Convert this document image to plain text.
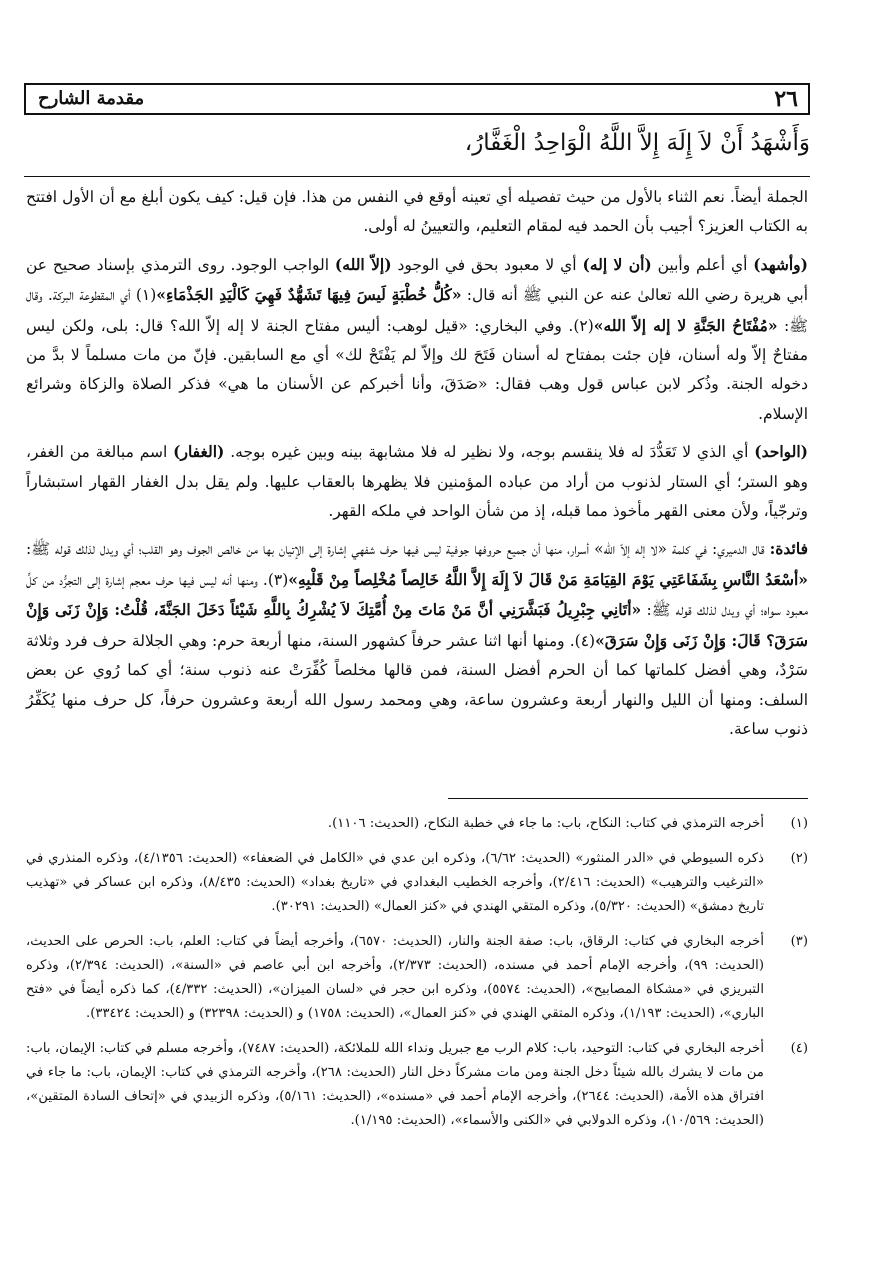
٢٦
مقدمة الشارح
وَأَشْهَدُ أَنْ لاَ إِلَهَ إِلاَّ اللَّهُ الْوَاحِدُ الْغَفَّارُ،

الجملة أيضاً. نعم الثناء بالأول من حيث تفصيله أي تعينه أوقع في النفس من هذا. فإن قيل: كيف يكون أبلغ مع أن الأول افتتح به الكتاب العزيز؟ أجيب بأن الحمد فيه لمقام التعليم، والتعيينُ له أولى.

(وأشهد) أي أعلم وأبين (أن لا إله) أي لا معبود بحق في الوجود (إلاّ الله) الواجب الوجود. روى الترمذي بإسناد صحيح عن أبي هريرة رضي الله تعالىٰ عنه عن النبي ﷺ أنه قال: «كُلُّ خُطْبَةٍ لَيسَ فِيهَا تَشَهُّدٌ فَهِيَ كَالْيَدِ الجَذْمَاءِ»(١) أي المقطوعة البركة. وقال ﷺ: «مُفْتَاحُ الجَنَّةِ لا إله إلاّ الله»(٢). وفي البخاري: «قيل لوهب: أليس مفتاح الجنة لا إله إلاّ الله؟ قال: بلى، ولكن ليس مفتاحٌ إلاّ وله أسنان، فإن جئت بمفتاح له أسنان فَتَحَ لك وإلاّ لم يَفْتَحْ لك» أي مع السابقين. فإنّ من مات مسلماً لا بدَّ من دخوله الجنة. وذُكر لابن عباس قول وهب فقال: «صَدَقَ، وأنا أخبركم عن الأسنان ما هي» فذكر الصلاة والزكاة وشرائع الإسلام.

(الواحد) أي الذي لا تَعَدُّدَ له فلا ينقسم بوجه، ولا نظير له فلا مشابهة بينه وبين غيره بوجه. (الغفار) اسم مبالغة من الغفر، وهو الستر؛ أي الستار لذنوب من أراد من عباده المؤمنين فلا يظهرها بالعقاب عليها. ولم يقل بدل الغفار القهار استبشاراً وترجّياً، ولأن معنى القهر مأخوذ مما قبله، إذ من شأن الواحد في ملكه القهر.

فائدة: قال الدميري: في كلمة «لا إله إلاّ الله» أسرار، منها أن جميع حروفها جوفية ليس فيها حرف شفهي إشارة إلى الإتيان بها من خالص الجوف وهو القلب؛ أي ويدل لذلك قوله ﷺ: «أسْعَدُ النَّاسِ بِشَفَاعَتِي يَوْمَ القِيَامَةِ مَنْ قَالَ لاَ إِلَهَ إِلاَّ اللَّهُ خَالِصاً مُخْلِصاً مِنْ قَلْبِهِ»(٣). ومنها أنه ليس فيها حرف معجم إشارة إلى التجرُّد من كلِّ معبود سواه؛ أي ويدل لذلك قوله ﷺ: «أتَانِي جِبْرِيلُ فَبَشَّرَنِي أنَّ مَنْ مَاتَ مِنْ أُمَّتِكَ لاَ يُشْرِكُ بِاللَّهِ شَيْئاً دَخَلَ الجَنَّةَ، قُلْتُ: وَإِنْ زَنَى وَإِنْ سَرَقَ؟ قَالَ: وَإِنْ زَنَى وَإِنْ سَرَقَ»(٤). ومنها أنها اثنا عشر حرفاً كشهور السنة، منها أربعة حرم: وهي الجلالة حرف فرد وثلاثة سَرْدٌ، وهي أفضل كلماتها كما أن الحرم أفضل السنة، فمن قالها مخلصاً كُفِّرَتْ عنه ذنوب سنة؛ أي كما رُوي عن بعض السلف: ومنها أن الليل والنهار أربعة وعشرون ساعة، وهي ومحمد رسول الله أربعة وعشرون حرفاً، كل حرف منها يُكَفِّرُ ذنوب ساعة.

(١)
أخرجه الترمذي في كتاب: النكاح، باب: ما جاء في خطبة النكاح، (الحديث: ١١٠٦).
(٢)
ذكره السيوطي في «الدر المنثور» (الحديث: ٦/٦٢)، وذكره ابن عدي في «الكامل في الضعفاء» (الحديث: ٤/١٣٥٦)، وذكره المنذري في «الترغيب والترهيب» (الحديث: ٢/٤١٦)، وأخرجه الخطيب البغدادي في «تاريخ بغداد» (الحديث: ٨/٤٣٥)، وذكره ابن عساكر في «تهذيب تاريخ دمشق» (الحديث: ٥/٣٢٠)، وذكره المتقي الهندي في «كنز العمال» (الحديث: ٣٠٢٩١).
(٣)
أخرجه البخاري في كتاب: الرقاق، باب: صفة الجنة والنار، (الحديث: ٦٥٧٠)، وأخرجه أيضاً في كتاب: العلم، باب: الحرص على الحديث، (الحديث: ٩٩)، وأخرجه الإمام أحمد في مسنده، (الحديث: ٢/٣٧٣)، وأخرجه ابن أبي عاصم في «السنة»، (الحديث: ٢/٣٩٤)، وذكره التبريزي في «مشكاة المصابيح»، (الحديث: ٥٥٧٤)، وذكره ابن حجر في «لسان الميزان»، (الحديث: ٤/٣٣٢)، كما ذكره أيضاً في «فتح الباري»، (الحديث: ١/١٩٣)، وذكره المتقي الهندي في «كنز العمال»، (الحديث: ١٧٥٨) و (الحديث: ٣٢٣٩٨) و (الحديث: ٣٣٤٢٤).
(٤)
أخرجه البخاري في كتاب: التوحيد، باب: كلام الرب مع جبريل ونداء الله للملائكة، (الحديث: ٧٤٨٧)، وأخرجه مسلم في كتاب: الإيمان، باب: من مات لا يشرك بالله شيئاً دخل الجنة ومن مات مشركاً دخل النار (الحديث: ٢٦٨)، وأخرجه الترمذي في كتاب: الإيمان، باب: ما جاء في افتراق هذه الأمة، (الحديث: ٢٦٤٤)، وأخرجه الإمام أحمد في «مسنده»، (الحديث: ٥/١٦١)، وذكره الزبيدي في «إتحاف السادة المتقين»، (الحديث: ١٠/٥٦٩)، وذكره الدولابي في «الكنى والأسماء»، (الحديث: ١/١٩٥).
